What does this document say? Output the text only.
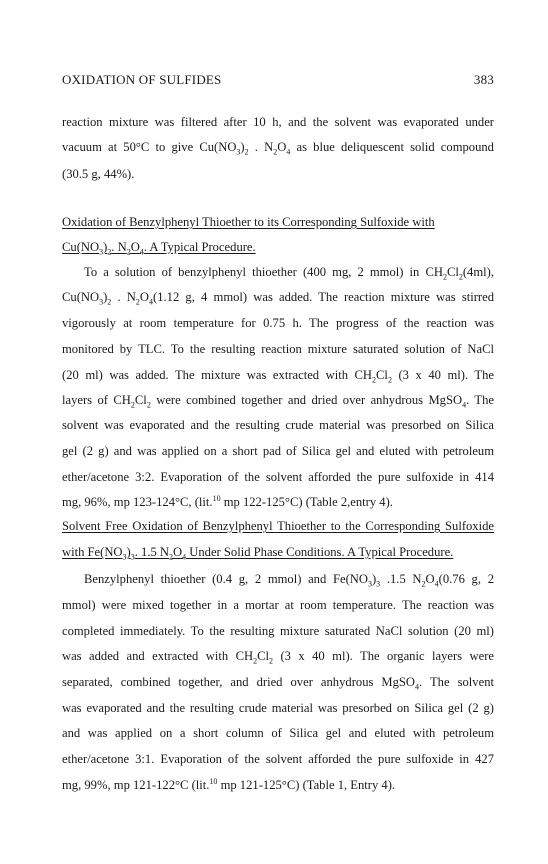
OXIDATION OF SULFIDES	383
reaction mixture was filtered after 10 h, and the solvent was evaporated under
vacuum at 50°C to give $Cu(NO_3)_2$ . $N_2O_4$ as blue deliquescent solid compound
(30.5 g, 44%).
Oxidation of Benzylphenyl Thioether to its Corresponding Sulfoxide with
$Cu(NO_3)_2$. $N_2O_4$. A Typical Procedure.
To a solution of benzylphenyl thioether (400 mg, 2 mmol) in $CH_2Cl_2(4ml)$,
$Cu(NO_3)_2$ . $N_2O_4(1.12$ g, 4 mmol) was added. The reaction mixture was stirred
vigorously at room temperature for 0.75 h. The progress of the reaction was
monitored by TLC. To the resulting reaction mixture saturated solution of NaCl
(20 ml) was added. The mixture was extracted with $CH_2Cl_2$ (3 x 40 ml). The
layers of $CH_2Cl_2$ were combined together and dried over anhydrous MgSO$_4$. The
solvent was evaporated and the resulting crude material was presorbed on Silica
gel (2 g) and was applied on a short pad of Silica gel and eluted with petroleum
ether/acetone 3:2. Evaporation of the solvent afforded the pure sulfoxide in 414
mg, 96%, mp 123-124°C, (lit.$^{10}$ mp 122-125°C) (Table 2,entry 4).
Solvent Free Oxidation of Benzylphenyl Thioether to the Corresponding Sulfoxide
with $Fe(NO_3)_3$. 1.5 $N_2O_4$ Under Solid Phase Conditions. A Typical Procedure.
Benzylphenyl thioether (0.4 g, 2 mmol) and $Fe(NO_3)_3$ .1.5 $N_2O_4(0.76$ g, 2
mmol) were mixed together in a mortar at room temperature. The reaction was
completed immediately. To the resulting mixture saturated NaCl solution (20 ml)
was added and extracted with $CH_2Cl_2$ (3 x 40 ml). The organic layers were
separated, combined together, and dried over anhydrous MgSO$_4$. The solvent
was evaporated and the resulting crude material was presorbed on Silica gel (2 g)
and was applied on a short column of Silica gel and eluted with petroleum
ether/acetone 3:1. Evaporation of the solvent afforded the pure sulfoxide in 427
mg, 99%, mp 121-122°C (lit.$^{10}$ mp 121-125°C) (Table 1, Entry 4).
